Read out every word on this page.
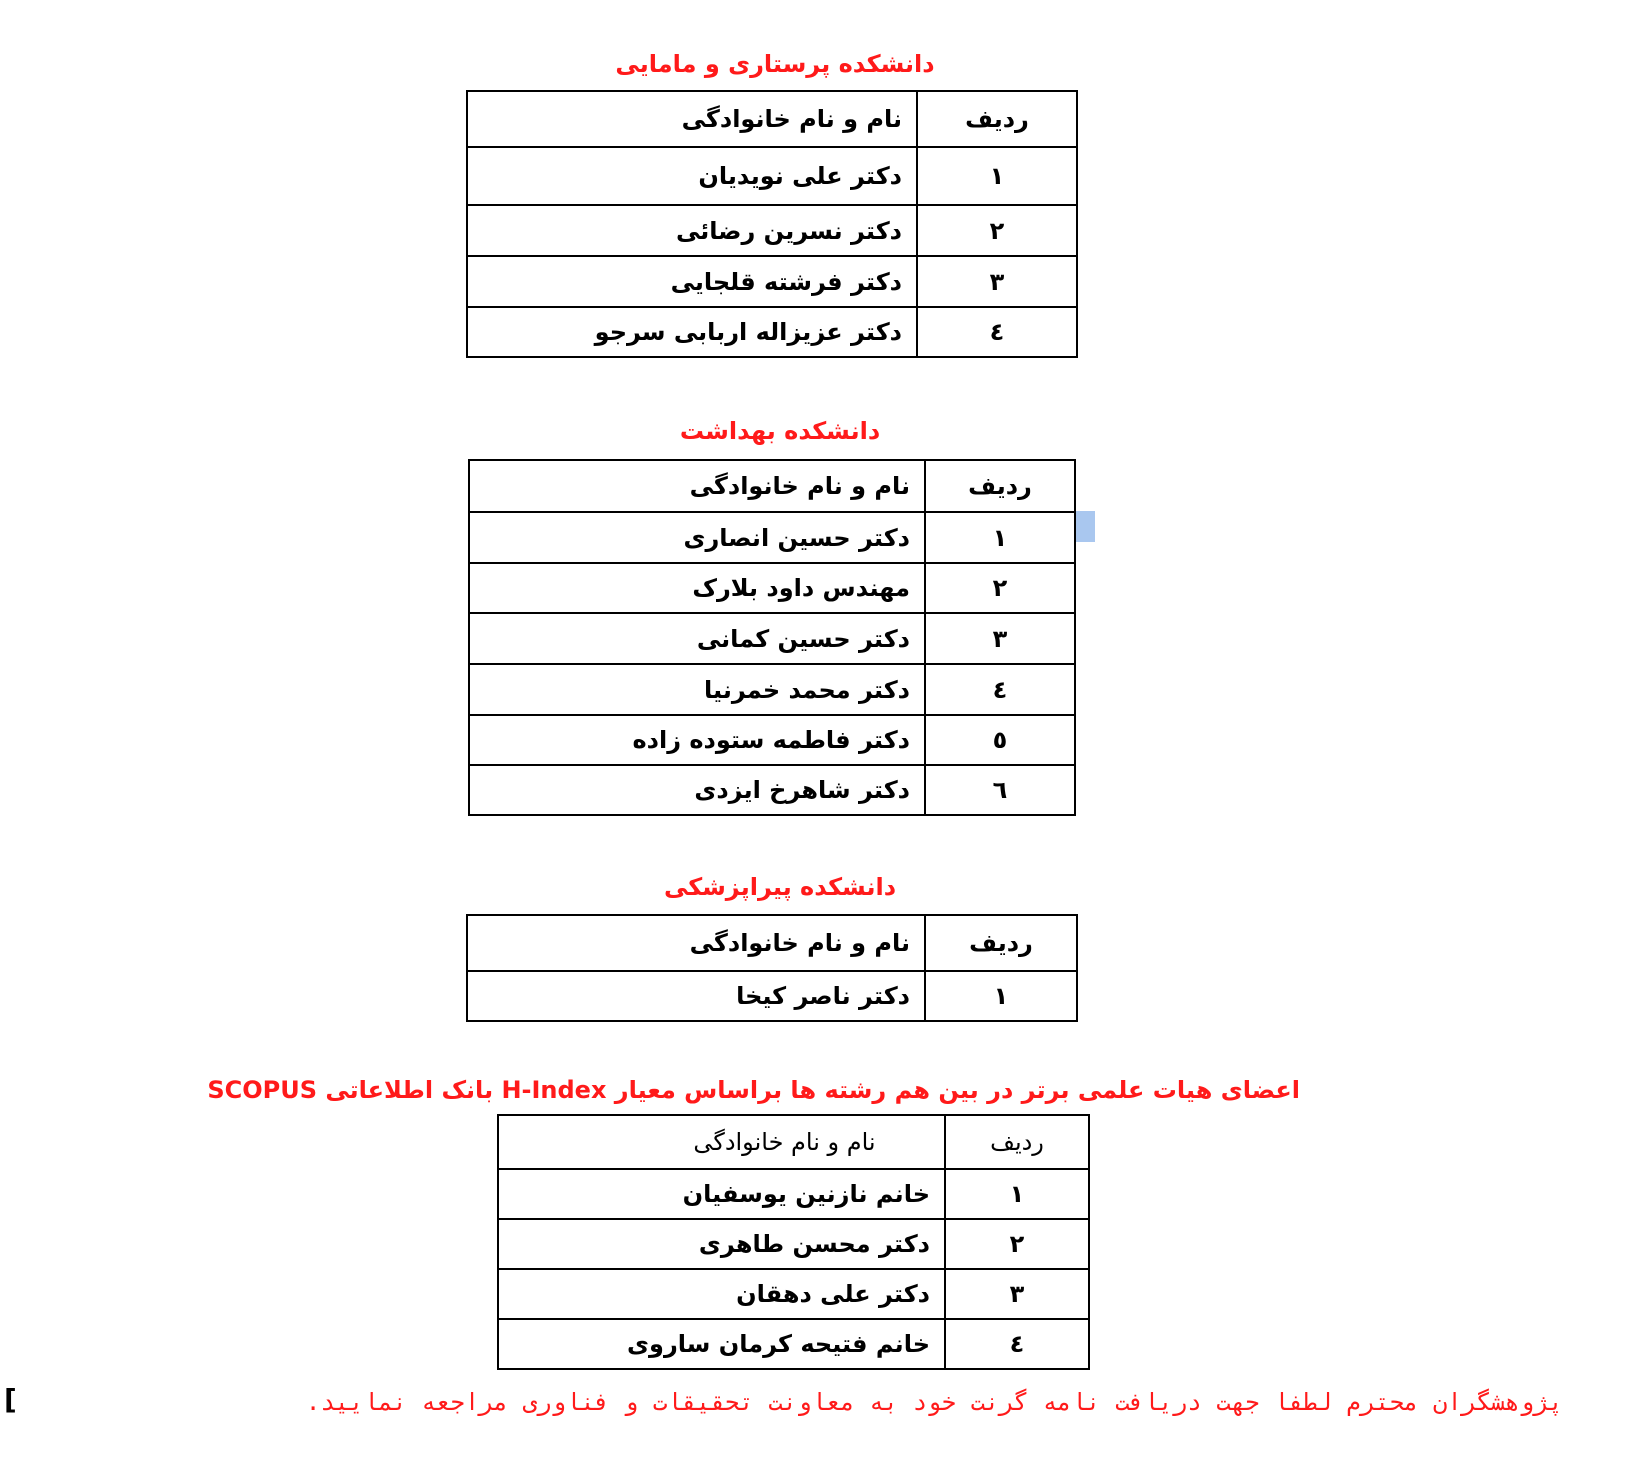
دانشکده پرستاری و مامایی
ردیف	نام و نام خانوادگی
۱	دکتر علی نویدیان
۲	دکتر نسرین رضائی
۳	دکتر فرشته قلجایی
٤	دکتر عزیزاله اربابی سرجو
دانشکده بهداشت
ردیف	نام و نام خانوادگی
۱	دکتر حسین انصاری
۲	مهندس داود بلارک
۳	دکتر حسین کمانی
٤	دکتر محمد خمرنیا
٥	دکتر فاطمه ستوده زاده
٦	دکتر شاهرخ ایزدی
دانشکده پیراپزشکی
ردیف	نام و نام خانوادگی
۱	دکتر ناصر کیخا
اعضای هیات علمی برتر در بین هم رشته ها براساس معیار H-Index بانک اطلاعاتی SCOPUS
ردیف	نام و نام خانوادگی
۱	خانم نازنین یوسفیان
۲	دکتر محسن طاهری
۳	دکتر علی دهقان
٤	خانم فتیحه کرمان ساروی
پژوهشگران محترم لطفا جهت دریافت نامه گرنت خود به معاونت تحقیقات و فناوری مراجعه نمایید.
[
